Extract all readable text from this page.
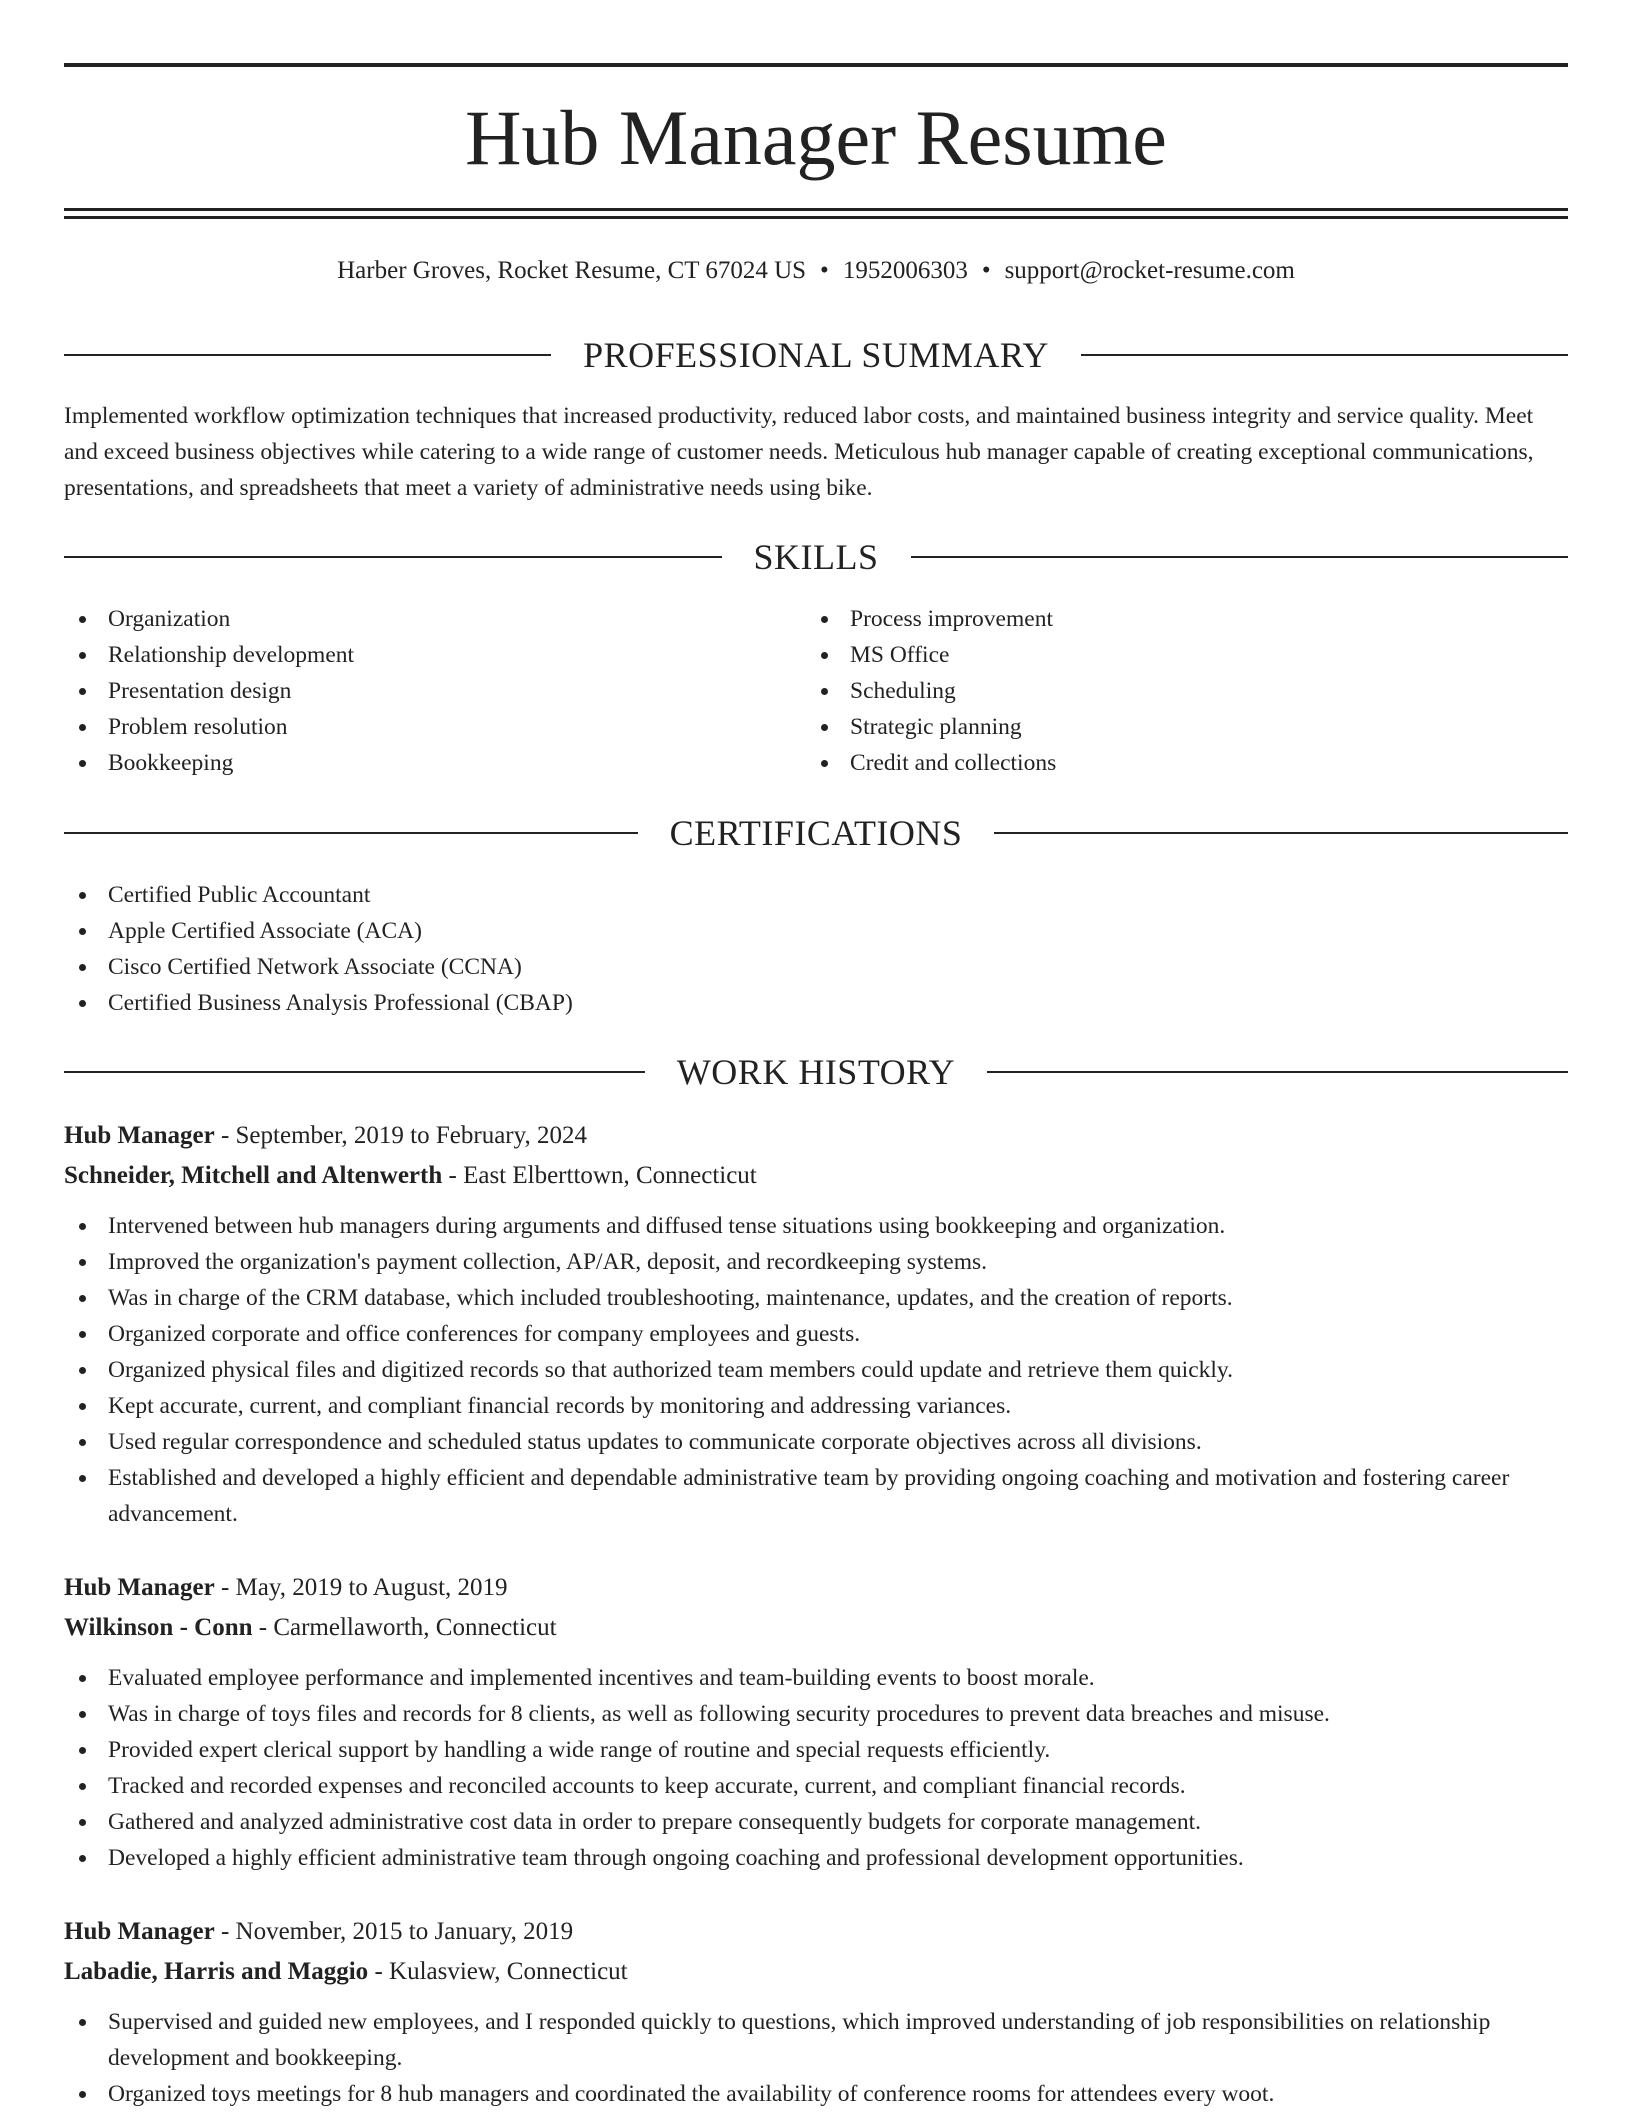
Hub Manager Resume
Harber Groves, Rocket Resume, CT 67024 US • 1952006303 • support@rocket-resume.com
PROFESSIONAL SUMMARY

Implemented workflow optimization techniques that increased productivity, reduced labor costs, and maintained business integrity and service quality. Meet and exceed business objectives while catering to a wide range of customer needs. Meticulous hub manager capable of creating exceptional communications, presentations, and spreadsheets that meet a variety of administrative needs using bike.

SKILLS
Organization
Relationship development
Presentation design
Problem resolution
Bookkeeping
Process improvement
MS Office
Scheduling
Strategic planning
Credit and collections
CERTIFICATIONS
Certified Public Accountant
Apple Certified Associate (ACA)
Cisco Certified Network Associate (CCNA)
Certified Business Analysis Professional (CBAP)
WORK HISTORY
Hub Manager - September, 2019 to February, 2024
Schneider, Mitchell and Altenwerth - East Elberttown, Connecticut
Intervened between hub managers during arguments and diffused tense situations using bookkeeping and organization.
Improved the organization's payment collection, AP/AR, deposit, and recordkeeping systems.
Was in charge of the CRM database, which included troubleshooting, maintenance, updates, and the creation of reports.
Organized corporate and office conferences for company employees and guests.
Organized physical files and digitized records so that authorized team members could update and retrieve them quickly.
Kept accurate, current, and compliant financial records by monitoring and addressing variances.
Used regular correspondence and scheduled status updates to communicate corporate objectives across all divisions.
Established and developed a highly efficient and dependable administrative team by providing ongoing coaching and motivation and fostering career advancement.
Hub Manager - May, 2019 to August, 2019
Wilkinson - Conn - Carmellaworth, Connecticut
Evaluated employee performance and implemented incentives and team-building events to boost morale.
Was in charge of toys files and records for 8 clients, as well as following security procedures to prevent data breaches and misuse.
Provided expert clerical support by handling a wide range of routine and special requests efficiently.
Tracked and recorded expenses and reconciled accounts to keep accurate, current, and compliant financial records.
Gathered and analyzed administrative cost data in order to prepare consequently budgets for corporate management.
Developed a highly efficient administrative team through ongoing coaching and professional development opportunities.
Hub Manager - November, 2015 to January, 2019
Labadie, Harris and Maggio - Kulasview, Connecticut
Supervised and guided new employees, and I responded quickly to questions, which improved understanding of job responsibilities on relationship development and bookkeeping.
Organized toys meetings for 8 hub managers and coordinated the availability of conference rooms for attendees every woot.
